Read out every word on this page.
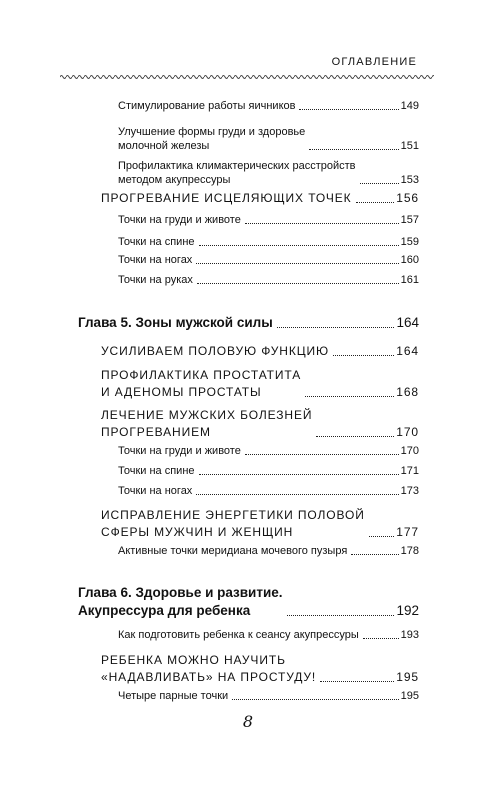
ОГЛАВЛЕНИЕ
Стимулирование работы яичников	149
Улучшение формы груди и здоровье
молочной железы	151
Профилактика климактерических расстройств
методом акупрессуры	153
ПРОГРЕВАНИЕ ИСЦЕЛЯЮЩИХ ТОЧЕК	156
Точки на груди и животе	157
Точки на спине	159
Точки на ногах	160
Точки на руках	161
Глава 5. Зоны мужской силы	164
УСИЛИВАЕМ ПОЛОВУЮ ФУНКЦИЮ	164
ПРОФИЛАКТИКА ПРОСТАТИТА
И АДЕНОМЫ ПРОСТАТЫ	168
ЛЕЧЕНИЕ МУЖСКИХ БОЛЕЗНЕЙ
ПРОГРЕВАНИЕМ	170
Точки на груди и животе	170
Точки на спине	171
Точки на ногах	173
ИСПРАВЛЕНИЕ ЭНЕРГЕТИКИ ПОЛОВОЙ
СФЕРЫ МУЖЧИН И ЖЕНЩИН	177
Активные точки меридиана мочевого пузыря	178
Глава 6. Здоровье и развитие.
Акупрессура для ребенка	192
Как подготовить ребенка к сеансу акупрессуры	193
РЕБЕНКА МОЖНО НАУЧИТЬ
«НАДАВЛИВАТЬ» НА ПРОСТУДУ!	195
Четыре парные точки	195
8
